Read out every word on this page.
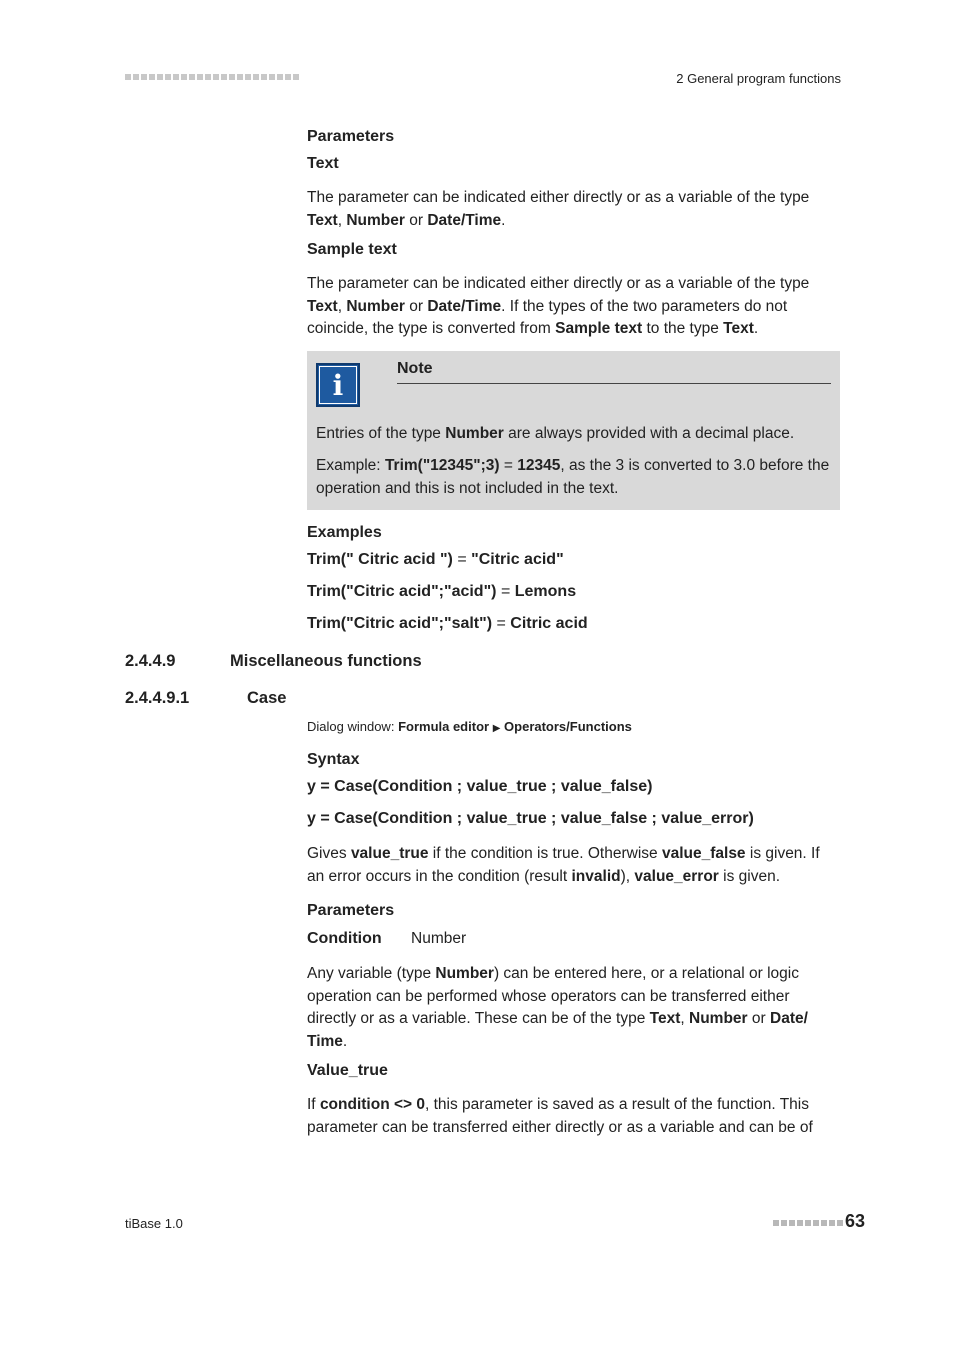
2 General program functions
Parameters
Text
The parameter can be indicated either directly or as a variable of the type Text, Number or Date/Time.
Sample text
The parameter can be indicated either directly or as a variable of the type Text, Number or Date/Time. If the types of the two parameters do not coincide, the type is converted from Sample text to the type Text.
i	Note
Entries of the type Number are always provided with a decimal place.
Example: Trim("12345";3) = 12345, as the 3 is converted to 3.0 before the operation and this is not included in the text.
Examples
Trim(" Citric acid ") = "Citric acid"
Trim("Citric acid";"acid") = Lemons
Trim("Citric acid";"salt") = Citric acid
2.4.4.9	Miscellaneous functions
2.4.4.9.1	Case
Dialog window: Formula editor ▶ Operators/Functions
Syntax
y = Case(Condition ; value_true ; value_false)
y = Case(Condition ; value_true ; value_false ; value_error)
Gives value_true if the condition is true. Otherwise value_false is given. If an error occurs in the condition (result invalid), value_error is given.
Parameters
Condition Number
Any variable (type Number) can be entered here, or a relational or logic operation can be performed whose operators can be transferred either directly or as a variable. These can be of the type Text, Number or Date/ Time.
Value_true
If condition <> 0, this parameter is saved as a result of the function. This parameter can be transferred either directly or as a variable and can be of
tiBase 1.0	63
